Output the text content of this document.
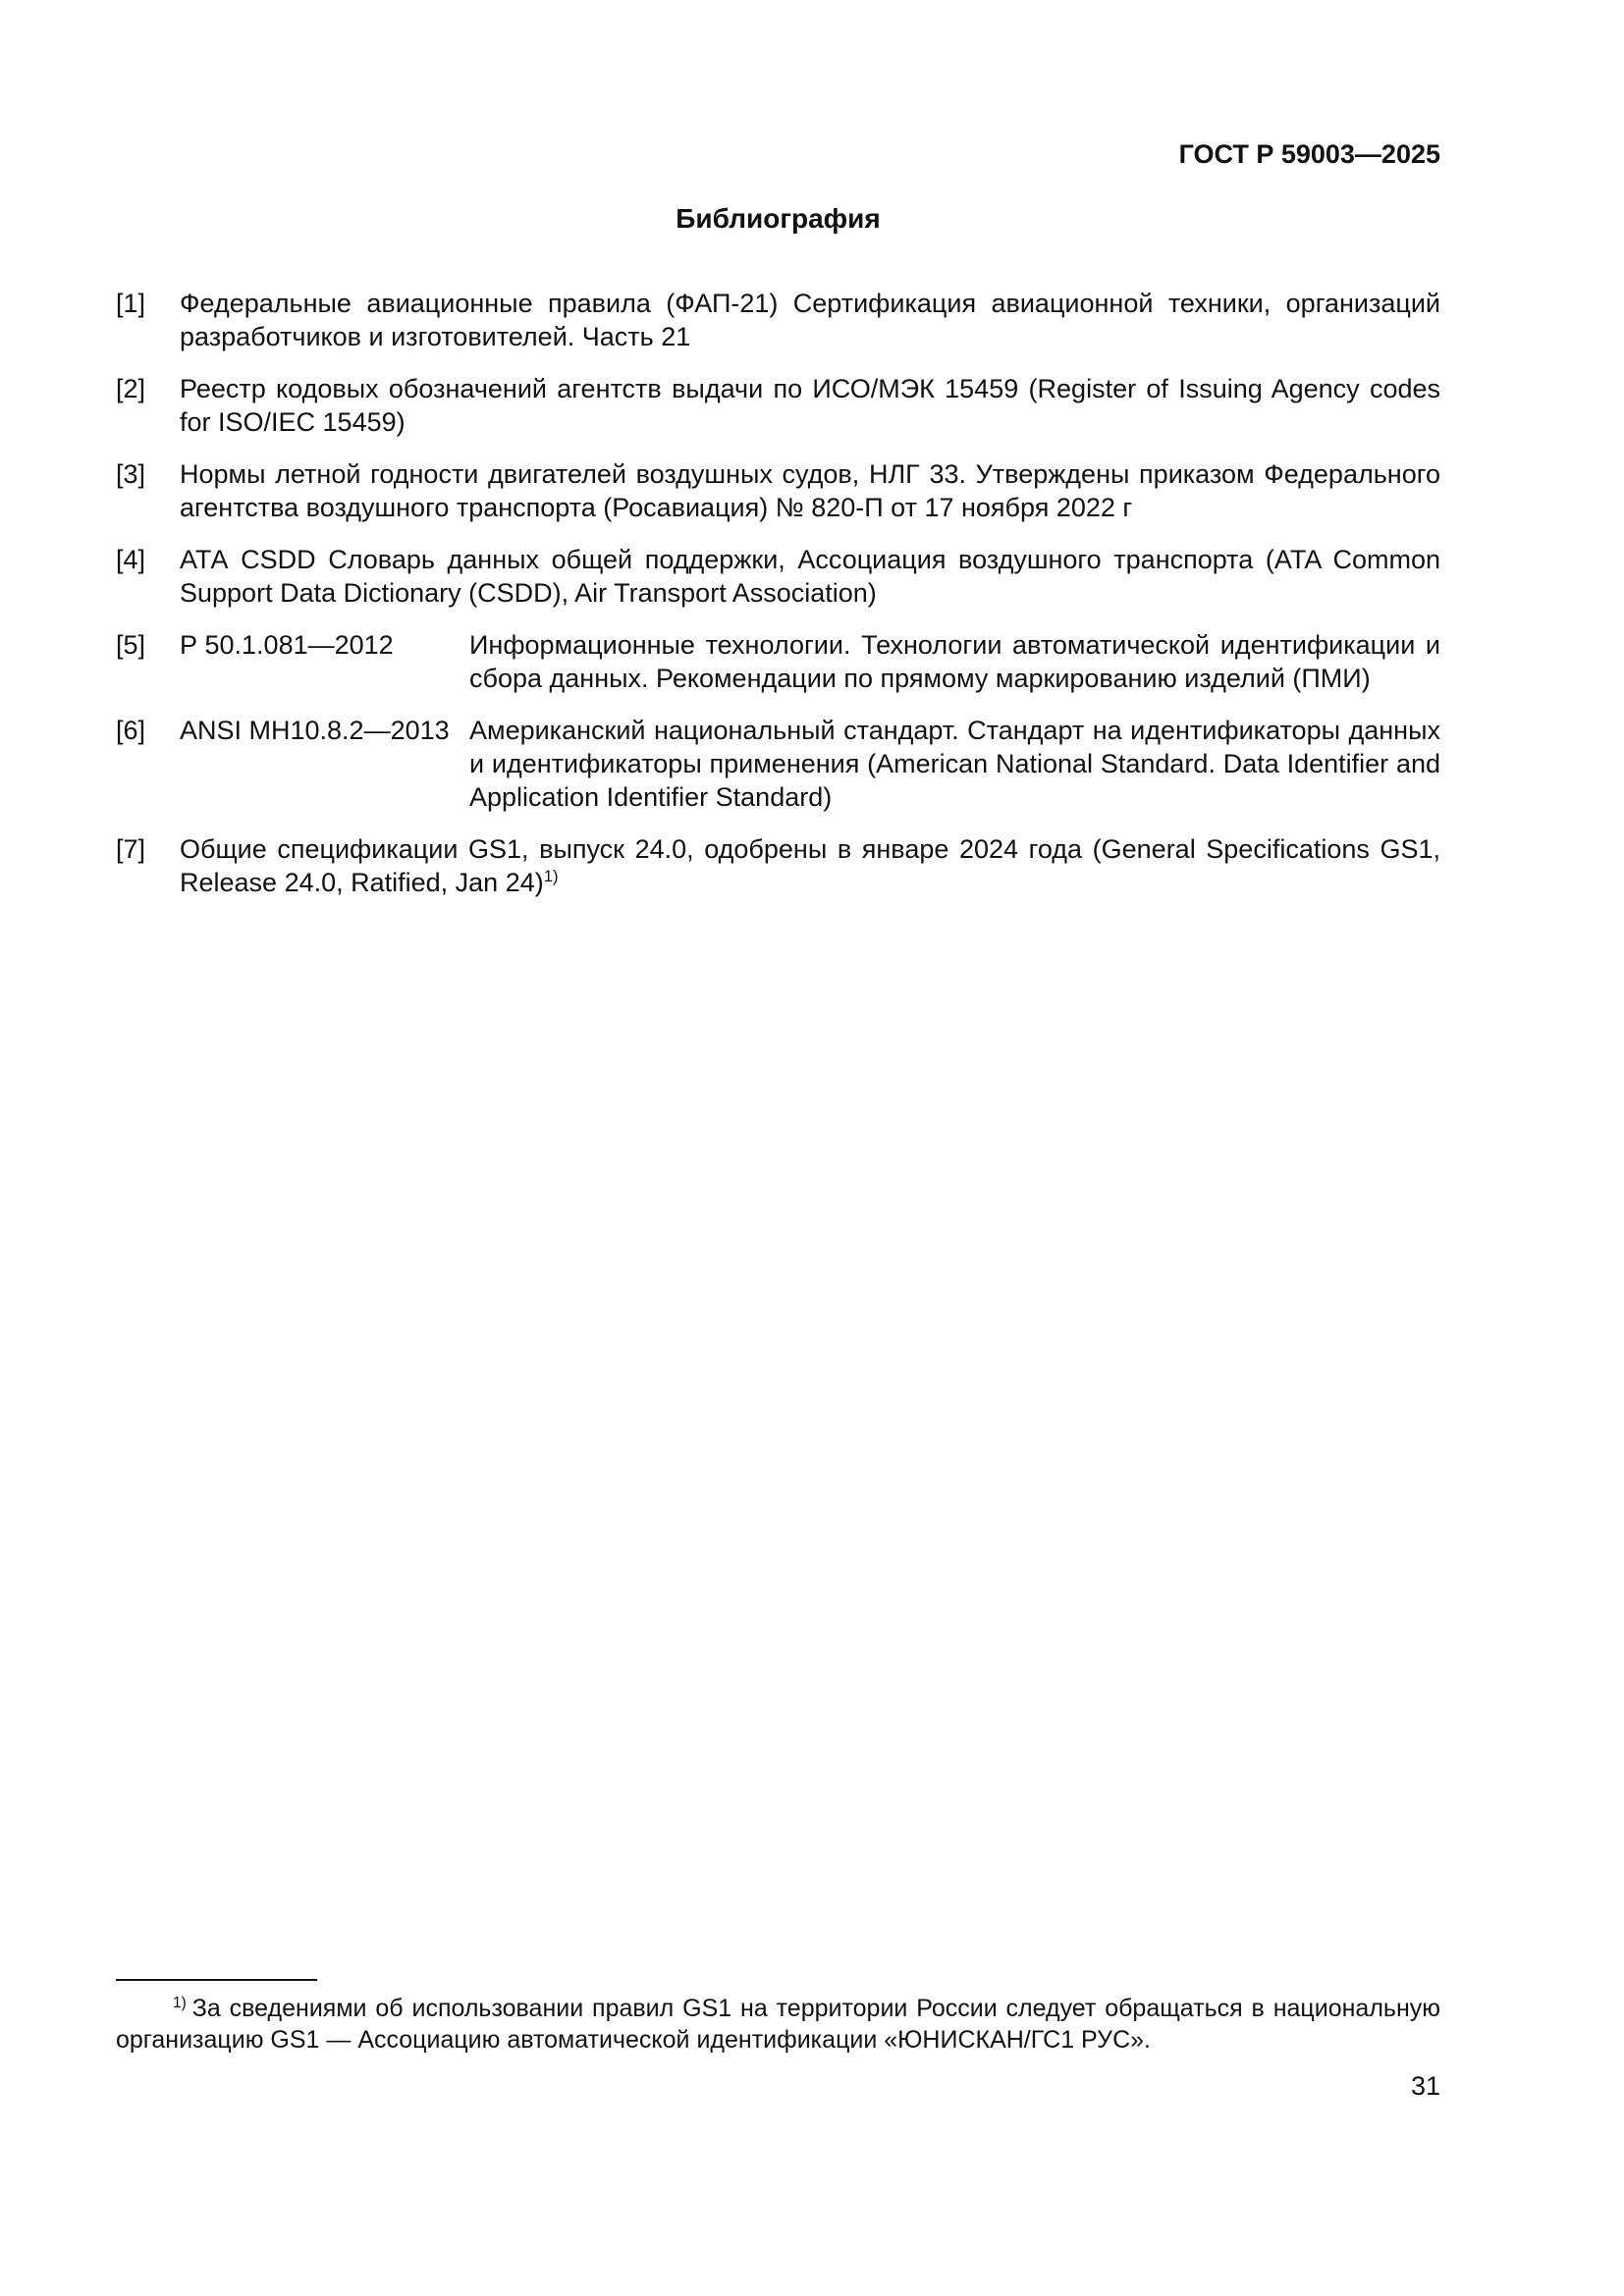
ГОСТ Р 59003—2025
Библиография
[1]	Федеральные авиационные правила (ФАП-21) Сертификация авиационной техники, организаций разработчиков и изготовителей. Часть 21
[2]	Реестр кодовых обозначений агентств выдачи по ИСО/МЭК 15459 (Register of Issuing Agency codes for ISO/IEC 15459)
[3]	Нормы летной годности двигателей воздушных судов, НЛГ 33. Утверждены приказом Федерального агентства воздушного транспорта (Росавиация) № 820-П от 17 ноября 2022 г
[4]	АТА CSDD Словарь данных общей поддержки, Ассоциация воздушного транспорта (ATA Common Support Data Dictionary (CSDD), Air Transport Association)
[5]	Р 50.1.081—2012	Информационные технологии. Технологии автоматической идентификации и сбора данных. Рекомендации по прямому маркированию изделий (ПМИ)
[6]	ANSI MH10.8.2—2013 Американский национальный стандарт. Стандарт на идентификаторы данных и идентификаторы применения (American National Standard. Data Identifier and Application Identifier Standard)
[7]	Общие спецификации GS1, выпуск 24.0, одобрены в январе 2024 года (General Specifications GS1, Release 24.0, Ratified, Jan 24)$^{1)}$

$^{1)}$ За сведениями об использовании правил GS1 на территории России следует обращаться в национальную организацию GS1 — Ассоциацию автоматической идентификации «ЮНИСКАН/ГС1 РУС».

31
